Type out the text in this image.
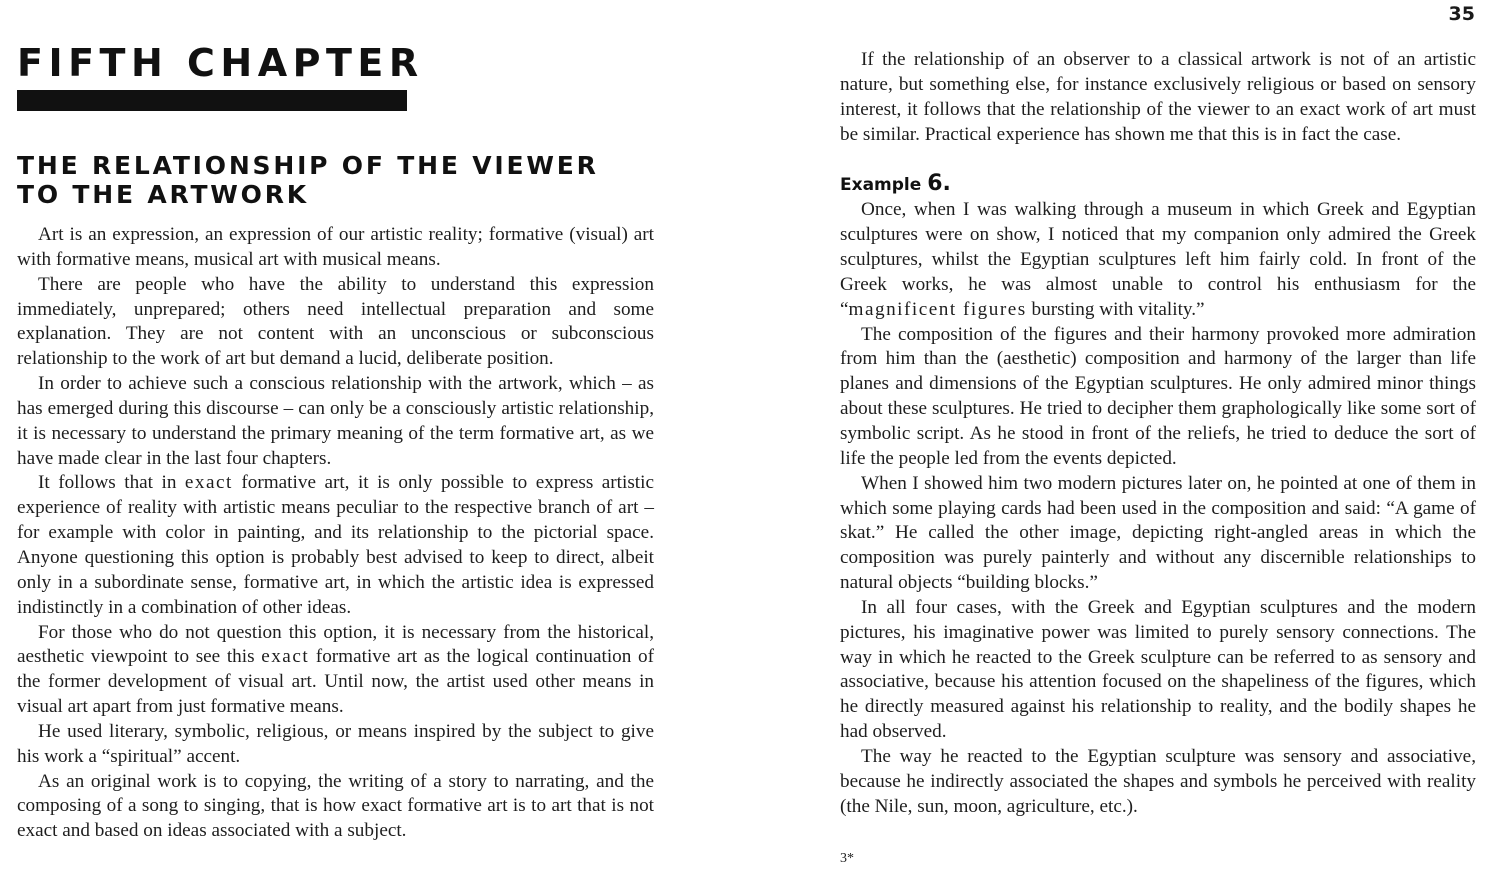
35
FIFTH CHAPTER
THE RELATIONSHIP OF THE VIEWER
TO THE ARTWORK

Art is an expression, an expression of our artistic reality; formative (visual) art with formative means, musical art with musical means.

There are people who have the ability to understand this expression immediately, unprepared; others need intellectual preparation and some explanation. They are not content with an unconscious or subconscious relationship to the work of art but demand a lucid, deliberate position.

In order to achieve such a conscious relationship with the artwork, which – as has emerged during this discourse – can only be a consciously artistic relationship, it is necessary to understand the primary meaning of the term formative art, as we have made clear in the last four chapters.

It follows that in exact formative art, it is only possible to express artistic experience of reality with artistic means peculiar to the respective branch of art – for example with color in painting, and its relationship to the pictorial space. Anyone questioning this option is probably best advised to keep to direct, albeit only in a subordinate sense, formative art, in which the artistic idea is expressed indistinctly in a combination of other ideas.

For those who do not question this option, it is necessary from the historical, aesthetic viewpoint to see this exact formative art as the logical continuation of the former development of visual art. Until now, the artist used other means in visual art apart from just formative means.

He used literary, symbolic, religious, or means inspired by the subject to give his work a “spiritual” accent.

As an original work is to copying, the writing of a story to narrating, and the composing of a song to singing, that is how exact formative art is to art that is not exact and based on ideas associated with a subject.

If the relationship of an observer to a classical artwork is not of an artistic nature, but something else, for instance exclusively religious or based on sensory interest, it follows that the relationship of the viewer to an exact work of art must be similar. Practical experience has shown me that this is in fact the case.

Example 6.

Once, when I was walking through a museum in which Greek and Egyptian sculptures were on show, I noticed that my companion only admired the Greek sculptures, whilst the Egyptian sculptures left him fairly cold. In front of the Greek works, he was almost unable to control his enthusiasm for the “magnificent figures bursting with vitality.”

The composition of the figures and their harmony provoked more admiration from him than the (aesthetic) composition and harmony of the larger than life planes and dimensions of the Egyptian sculptures. He only admired minor things about these sculptures. He tried to decipher them graphologically like some sort of symbolic script. As he stood in front of the reliefs, he tried to deduce the sort of life the people led from the events depicted.

When I showed him two modern pictures later on, he pointed at one of them in which some playing cards had been used in the composition and said: “A game of skat.” He called the other image, depicting right-angled areas in which the composition was purely painterly and without any discernible relationships to natural objects “building blocks.”

In all four cases, with the Greek and Egyptian sculptures and the modern pictures, his imaginative power was limited to purely sensory connections. The way in which he reacted to the Greek sculpture can be referred to as sensory and associative, because his attention focused on the shapeliness of the figures, which he directly measured against his relationship to reality, and the bodily shapes he had observed.

The way he reacted to the Egyptian sculpture was sensory and associative, because he indirectly associated the shapes and symbols he perceived with reality (the Nile, sun, moon, agriculture, etc.).

3*
